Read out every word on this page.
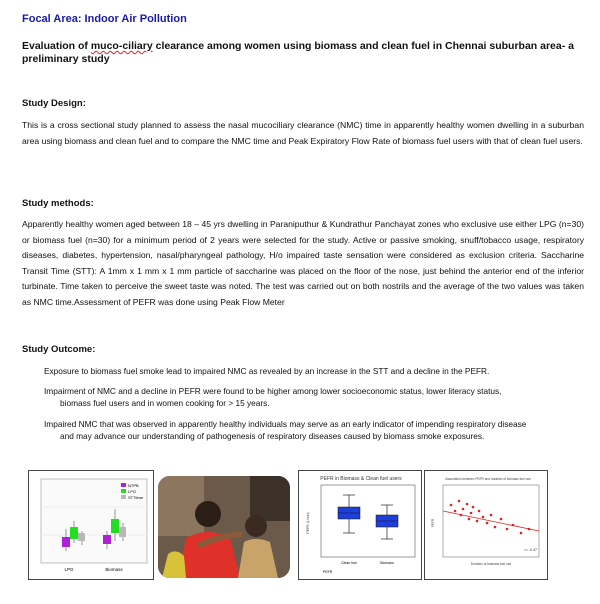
Focal Area: Indoor Air Pollution
Evaluation of muco-ciliary clearance among women using biomass and clean fuel in Chennai suburban area- a preliminary study
Study Design:
This is a cross sectional study planned to assess the nasal mucociliary clearance (NMC) time in apparently healthy women dwelling in a suburban area using biomass and clean fuel and to compare the NMC time and Peak Expiratory Flow Rate of biomass fuel users with that of clean fuel users.
Study methods:
Apparently healthy women aged between 18 – 45 yrs dwelling in Paraniputhur & Kundrathur Panchayat zones who exclusive use either LPG (n=30) or biomass fuel (n=30) for a minimum period of 2 years were selected for the study. Active or passive smoking, snuff/tobacco usage, respiratory diseases, diabetes, hypertension, nasal/pharyngeal pathology, H/o impaired taste sensation were considered as exclusion criteria. Saccharine Transit Time (STT): A 1mm x 1 mm x 1 mm particle of saccharine was placed on the floor of the nose, just behind the anterior end of the inferior turbinate. Time taken to perceive the sweet taste was noted. The test was carried out on both nostrils and the average of the two values was taken as NMC time.Assessment of PEFR was done using Peak Flow Meter
Study Outcome:
Exposure to biomass fuel smoke lead to impaired NMC as revealed by an increase in the STT and a decline in the PEFR.
Impairment of NMC and a decline in PEFR were found to be higher among lower socioeconomic status, lower literacy status,
biomass fuel users and in women cooking for > 15 years.
Impaired NMC that was observed in apparently healthy individuals may serve as an early indicator of impending respiratory disease
and may advance our understanding of pathogenesis of respiratory diseases caused by biomass smoke exposures.
NTPB
LPG
STTtime
LPG	Biomass
PEFR in Biomass & Clean fuel users
PEFR (L/min)
Clean fuel	Biomass
PEFR
Association between PEFR and duration of biomass fuel use
PEFR
r= -0.47
Duration of biomass fuel use
